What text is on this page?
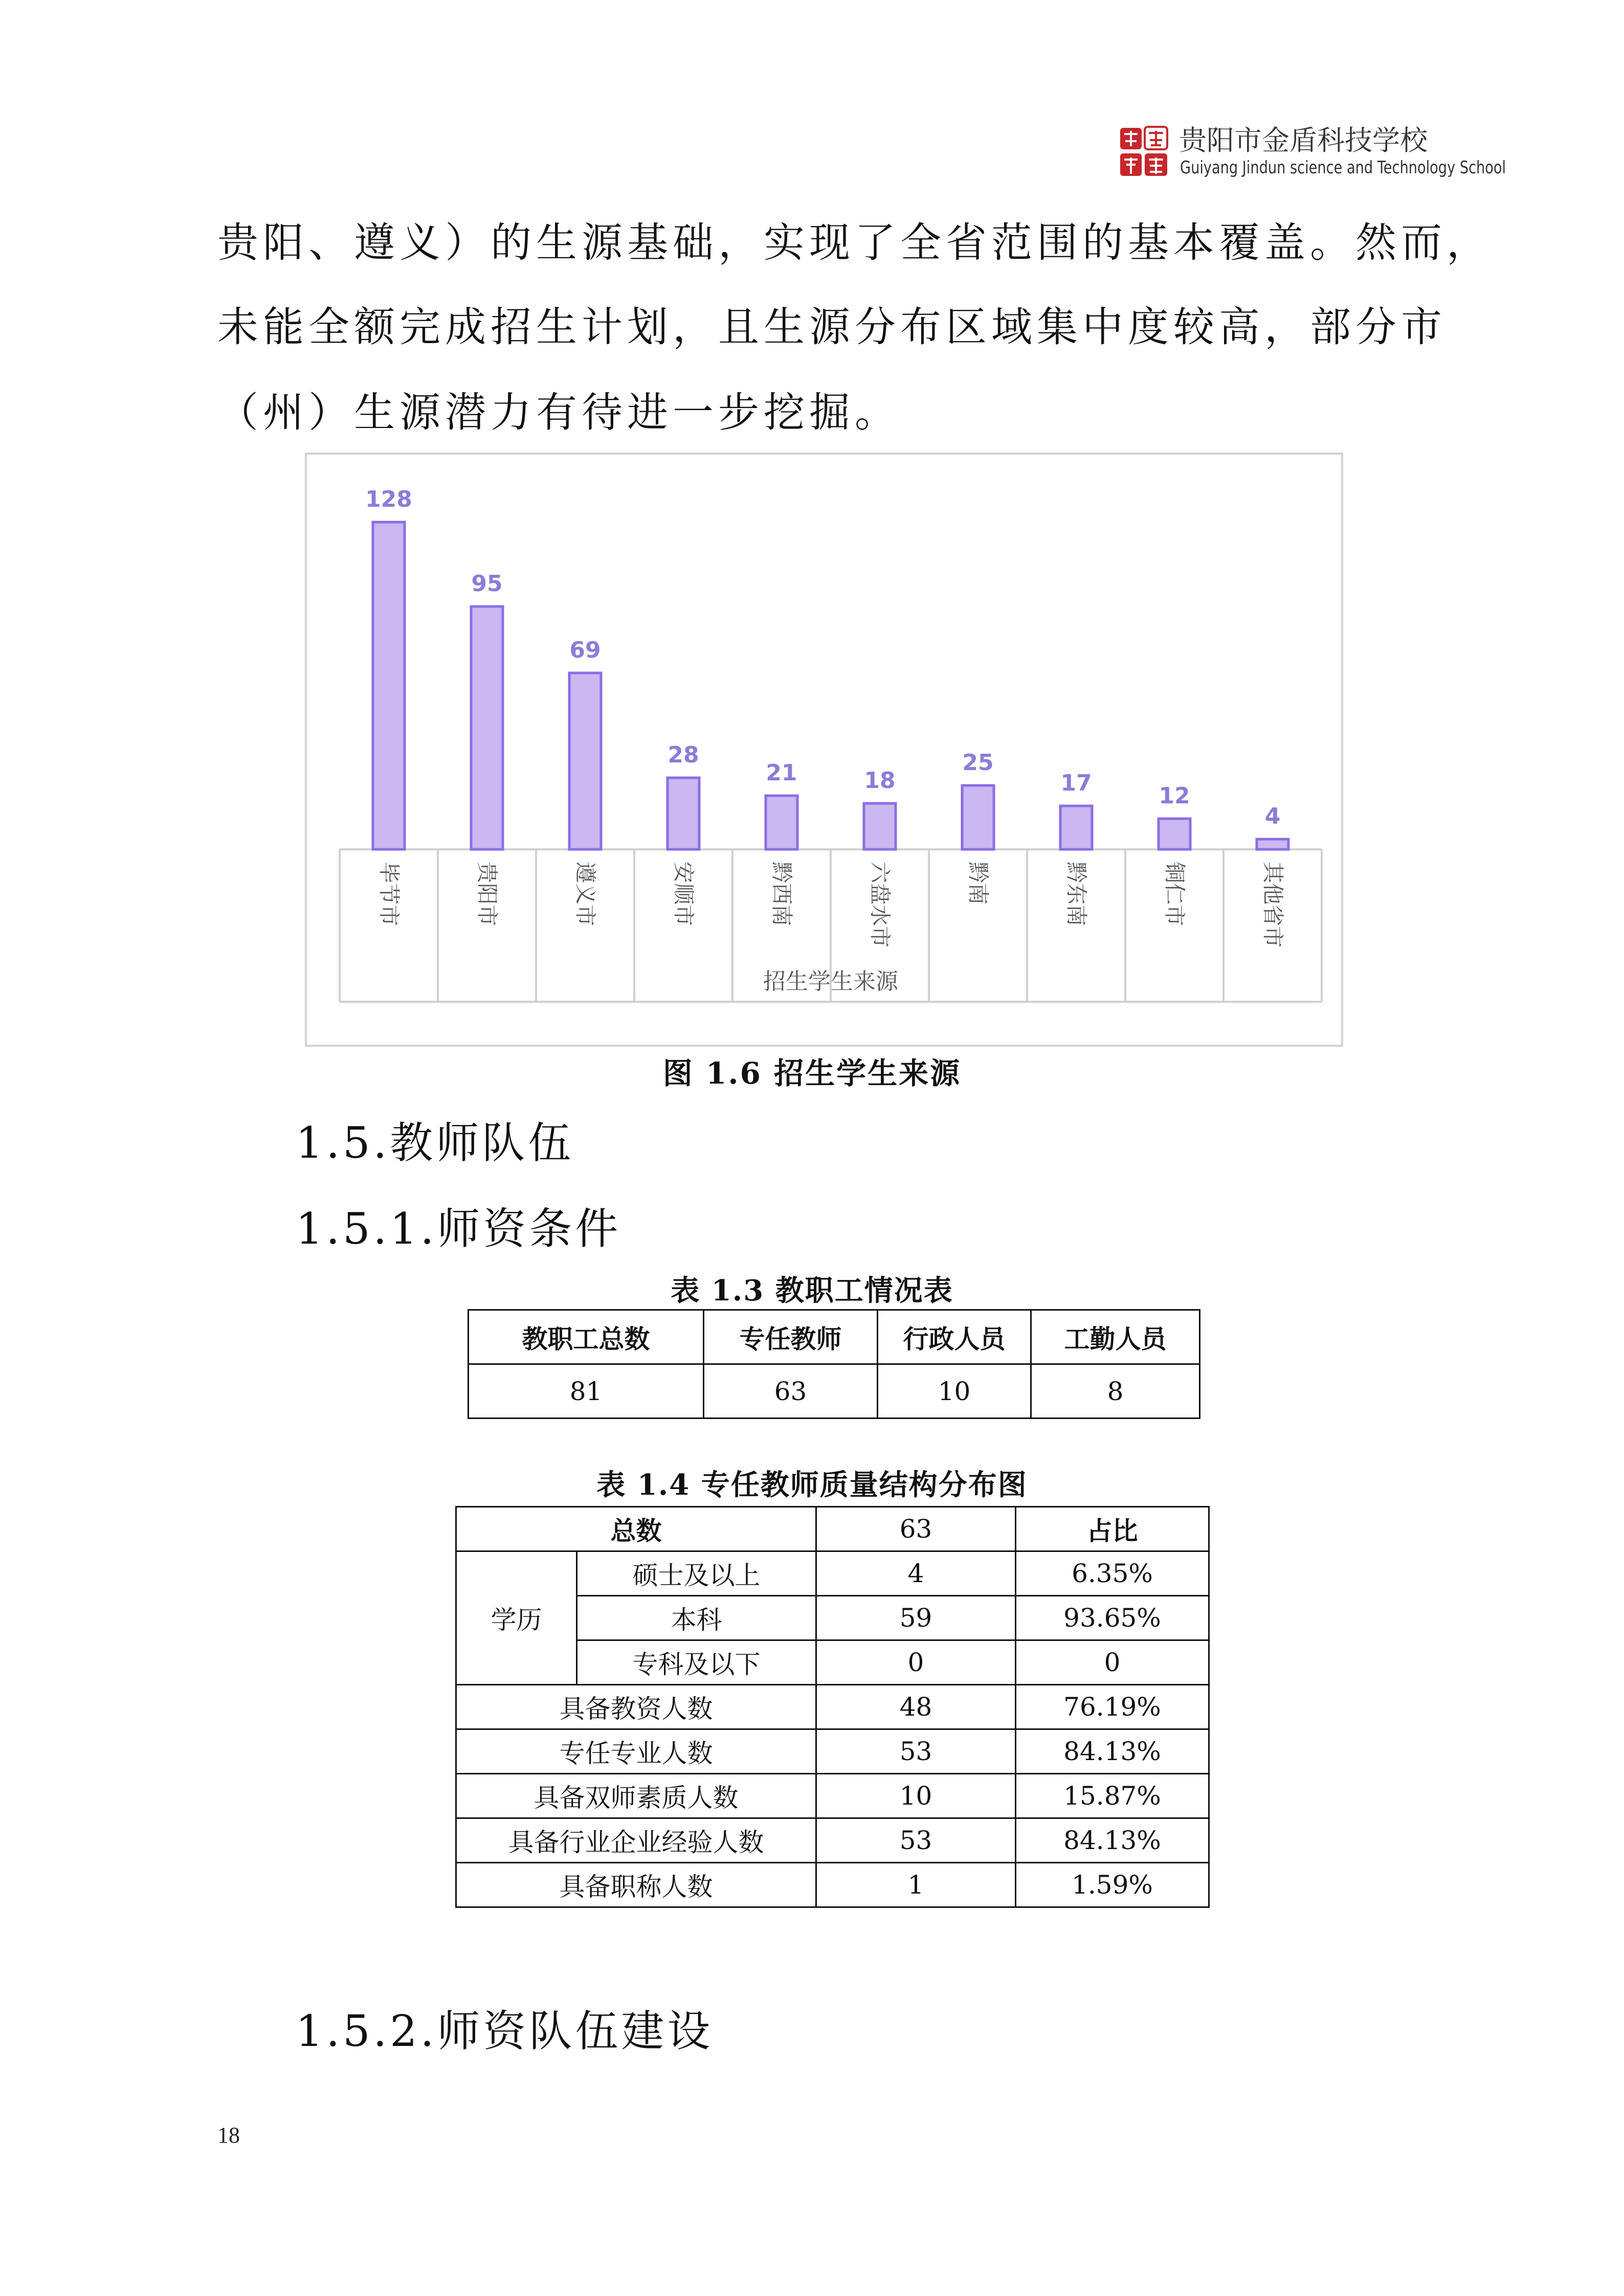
贵阳市金盾科技学校
Guiyang Jindun science and Technology School
贵阳、遵义）的生源基础，实现了全省范围的基本覆盖。然而，
未能全额完成招生计划，且生源分布区域集中度较高，部分市
（州）生源潜力有待进一步挖掘。
128
毕节市
95
贵阳市
69
遵义市
28
安顺市
21
黔西南
18
六盘水市
25
黔南
17
黔东南
12
铜仁市
4
其他省市
招生学生来源
图 1.6 招生学生来源
1.5.教师队伍
1.5.1.师资条件
表 1.3 教职工情况表
教职工总数	专任教师	行政人员	工勤人员
81	63	10	8
表 1.4 专任教师质量结构分布图
总数		63	占比
学历	硕士及以上	4	6.35%
	本科	59	93.65%
	专科及以下	0	0
具备教资人数		48	76.19%
专任专业人数		53	84.13%
具备双师素质人数		10	15.87%
具备行业企业经验人数		53	84.13%
具备职称人数		1	1.59%
1.5.2.师资队伍建设
18
